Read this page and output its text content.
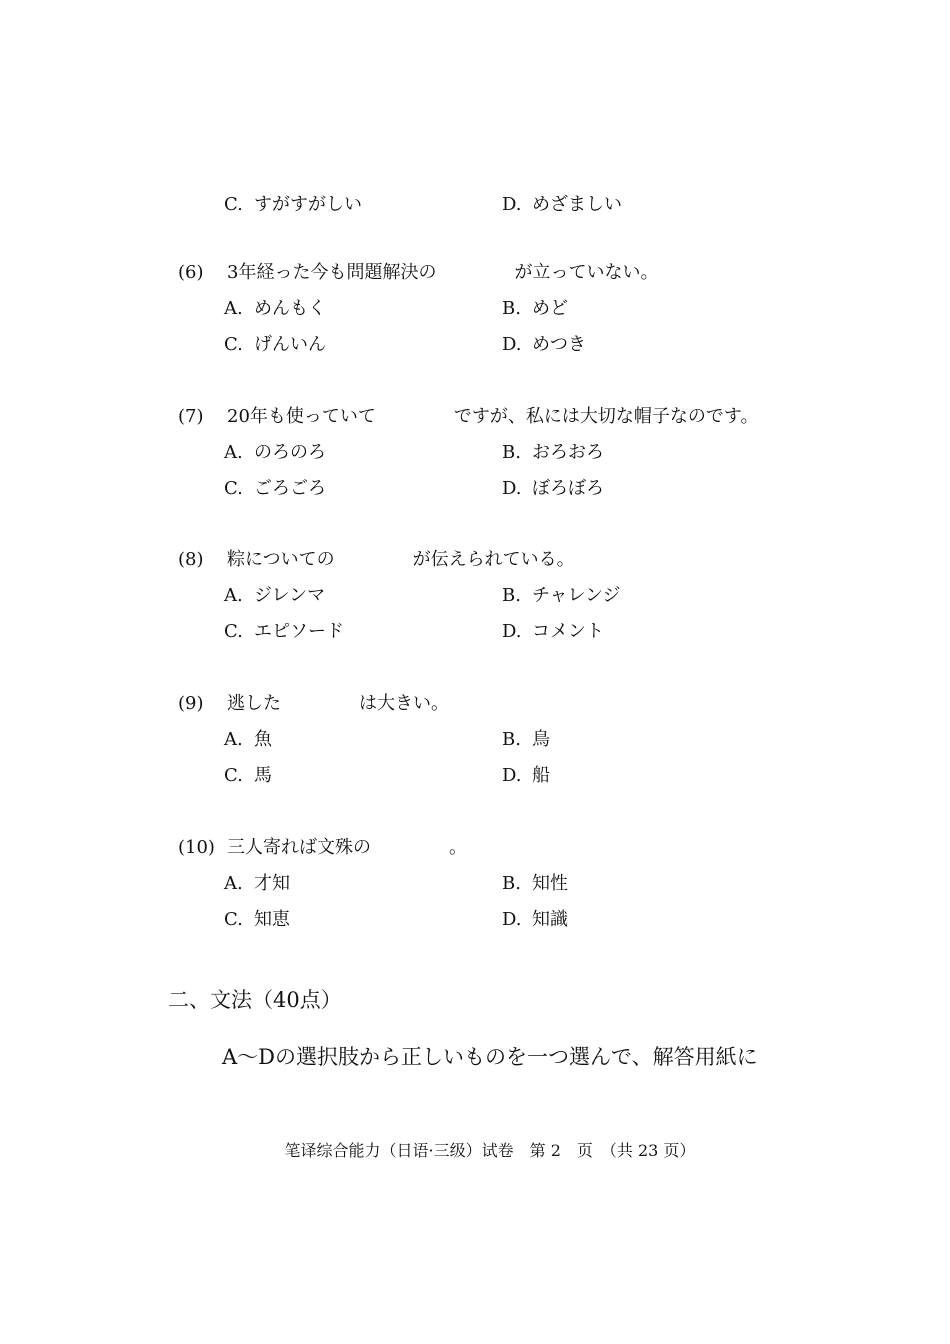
C. すがすがしい	D. めざましい
(6) 3年経った今も問題解決の	が立っていない。
A. めんもく	B. めど
C. げんいん	D. めつき
(7) 20年も使っていて	ですが、私には大切な帽子なのです。
A. のろのろ	B. おろおろ
C. ごろごろ	D. ぼろぼろ
(8) 粽についての	が伝えられている。
A. ジレンマ	B. チャレンジ
C. エピソード	D. コメント
(9) 逃した	は大きい。
A. 魚	B. 鳥
C. 馬	D. 船
(10) 三人寄れば文殊の	。
A. 才知	B. 知性
C. 知恵	D. 知識
二、文法（40点）
A～Dの選択肢から正しいものを一つ選んで、解答用紙に
笔译综合能力（日语·三级）试卷　第 2　页　（共 23 页）
